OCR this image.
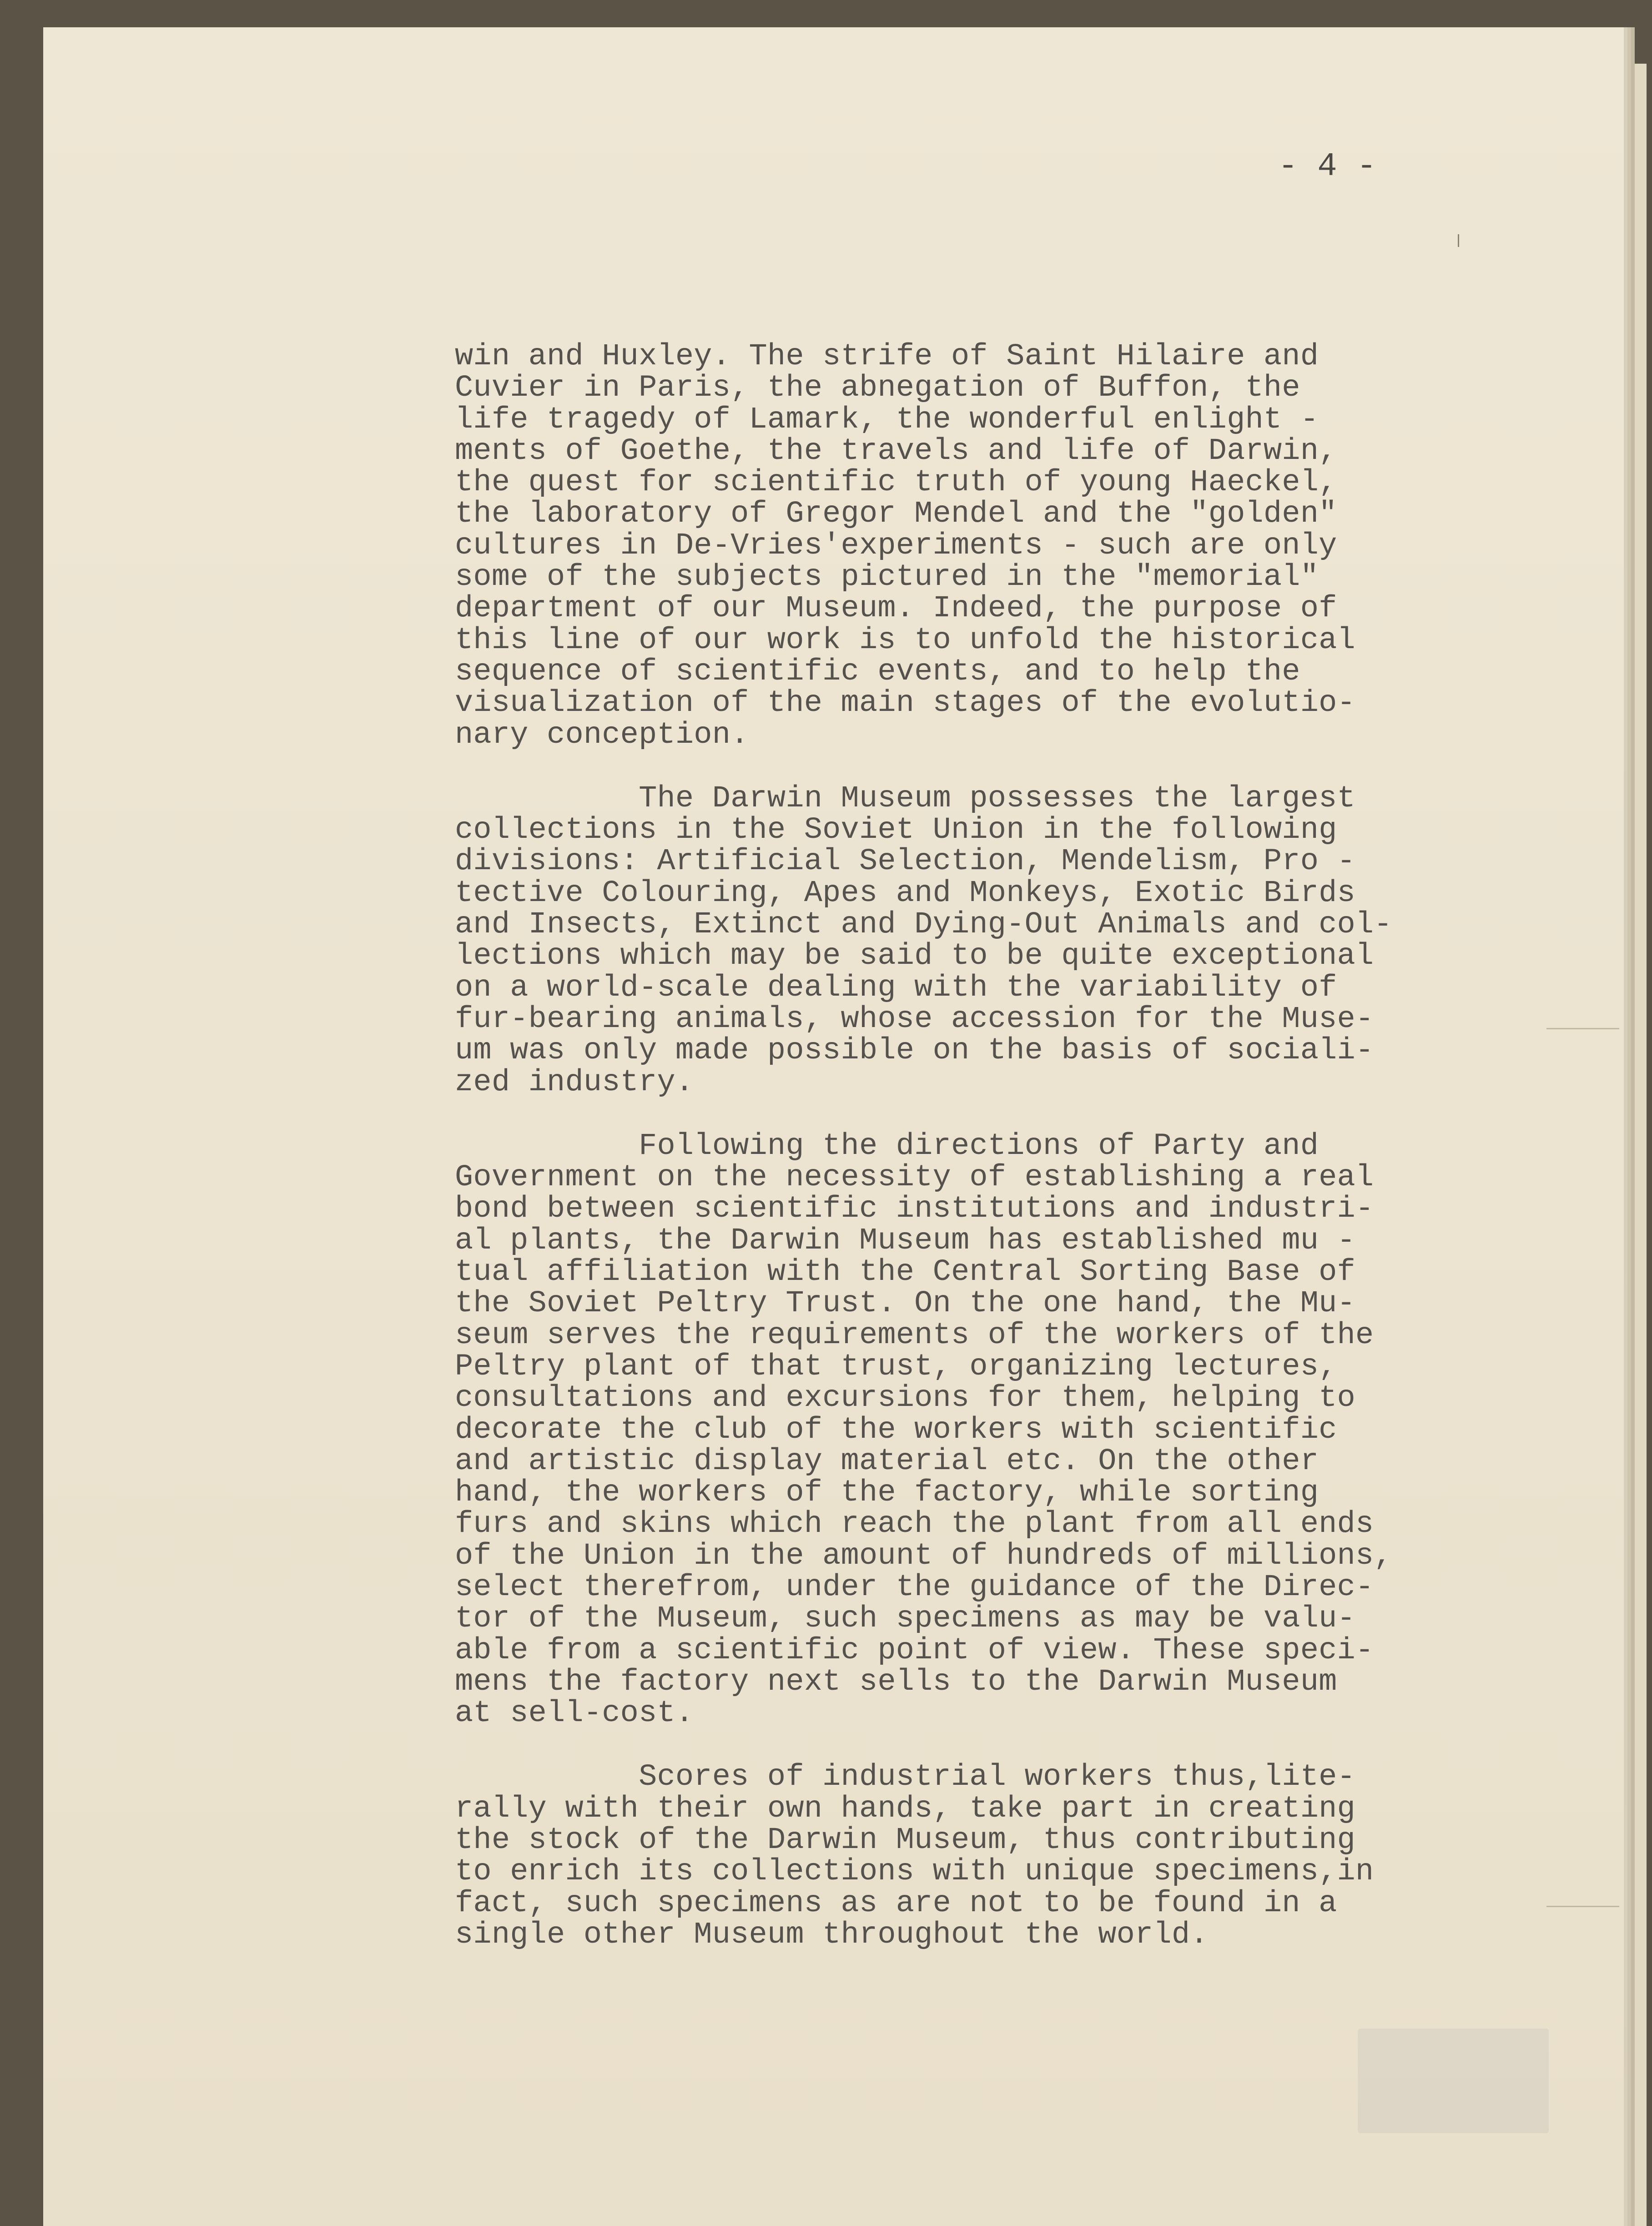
- 4 -
win and Huxley. The strife of Saint Hilaire and
Cuvier in Paris, the abnegation of Buffon, the
life tragedy of Lamark, the wonderful enlight -
ments of Goethe, the travels and life of Darwin,
the quest for scientific truth of young Haeckel,
the laboratory of Gregor Mendel and the "golden"
cultures in De-Vries'experiments - such are only
some of the subjects pictured in the "memorial"
department of our Museum. Indeed, the purpose of
this line of our work is to unfold the historical
sequence of scientific events, and to help the
visualization of the main stages of the evolutio-
nary conception.
The Darwin Museum possesses the largest
collections in the Soviet Union in the following
divisions: Artificial Selection, Mendelism, Pro -
tective Colouring, Apes and Monkeys, Exotic Birds
and Insects, Extinct and Dying-Out Animals and col-
lections which may be said to be quite exceptional
on a world-scale dealing with the variability of
fur-bearing animals, whose accession for the Muse-
um was only made possible on the basis of sociali-
zed industry.
Following the directions of Party and
Government on the necessity of establishing a real
bond between scientific institutions and industri-
al plants, the Darwin Museum has established mu -
tual affiliation with the Central Sorting Base of
the Soviet Peltry Trust. On the one hand, the Mu-
seum serves the requirements of the workers of the
Peltry plant of that trust, organizing lectures,
consultations and excursions for them, helping to
decorate the club of the workers with scientific
and artistic display material etc. On the other
hand, the workers of the factory, while sorting
furs and skins which reach the plant from all ends
of the Union in the amount of hundreds of millions,
select therefrom, under the guidance of the Direc-
tor of the Museum, such specimens as may be valu-
able from a scientific point of view. These speci-
mens the factory next sells to the Darwin Museum
at sell-cost.
Scores of industrial workers thus,lite-
rally with their own hands, take part in creating
the stock of the Darwin Museum, thus contributing
to enrich its collections with unique specimens,in
fact, such specimens as are not to be found in a
single other Museum throughout the world.
